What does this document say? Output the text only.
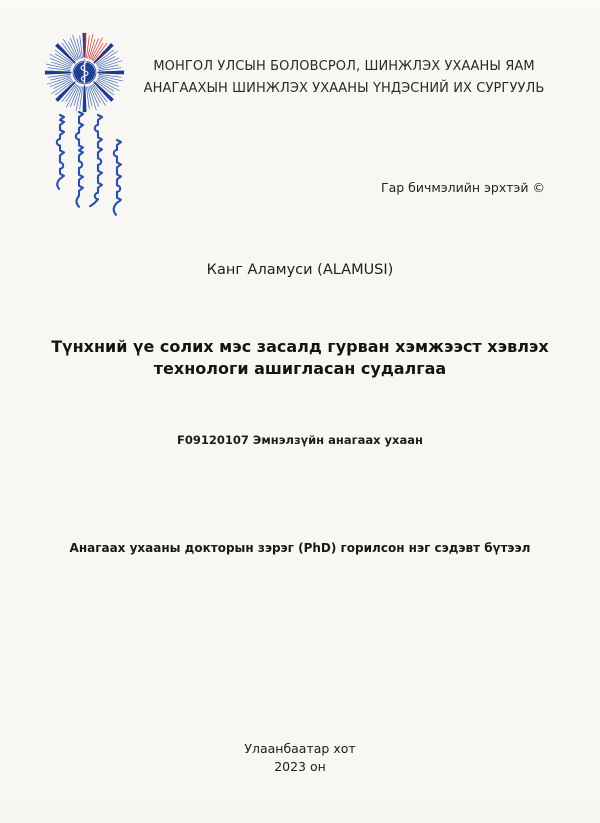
МОНГОЛ УЛСЫН БОЛОВСРОЛ, ШИНЖЛЭХ УХААНЫ ЯАМ
АНАГААХЫН ШИНЖЛЭХ УХААНЫ ҮНДЭСНИЙ ИХ СУРГУУЛЬ
Гар бичмэлийн эрхтэй ©
Канг Аламуси (ALAMUSI)
Түнхний үе солих мэс засалд гурван хэмжээст хэвлэх
технологи ашигласан судалгаа
F09120107 Эмнэлзүйн анагаах ухаан
Анагаах ухааны докторын зэрэг (PhD) горилсон нэг сэдэвт бүтээл
Улаанбаатар хот
2023 он
